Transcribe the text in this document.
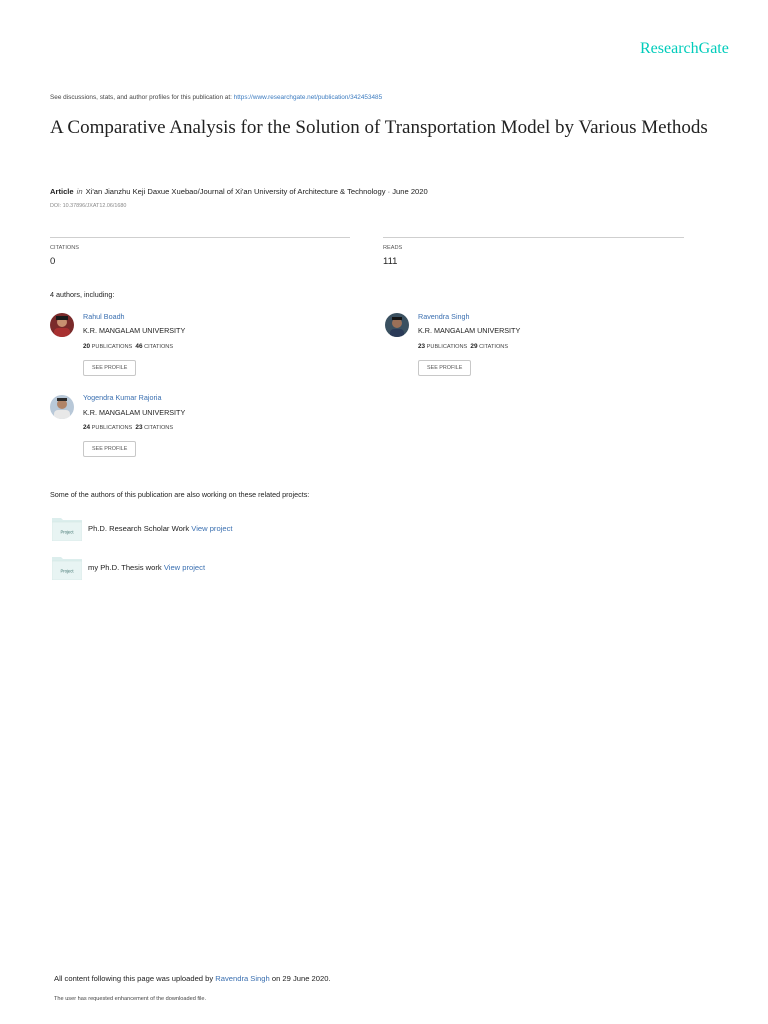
ResearchGate
See discussions, stats, and author profiles for this publication at: https://www.researchgate.net/publication/342453485
A Comparative Analysis for the Solution of Transportation Model by Various Methods
Article in Xi'an Jianzhu Keji Daxue Xuebao/Journal of Xi'an University of Architecture & Technology · June 2020
DOI: 10.37896/JXAT12.06/1680
CITATIONS
0
READS
111
4 authors, including:
Rahul Boadh
K.R. MANGALAM UNIVERSITY
20 PUBLICATIONS 46 CITATIONS
SEE PROFILE
Ravendra Singh
K.R. MANGALAM UNIVERSITY
23 PUBLICATIONS 29 CITATIONS
SEE PROFILE
Yogendra Kumar Rajoria
K.R. MANGALAM UNIVERSITY
24 PUBLICATIONS 23 CITATIONS
SEE PROFILE
Some of the authors of this publication are also working on these related projects:
Project Ph.D. Research Scholar Work View project
Project my Ph.D. Thesis work View project
All content following this page was uploaded by Ravendra Singh on 29 June 2020.
The user has requested enhancement of the downloaded file.
